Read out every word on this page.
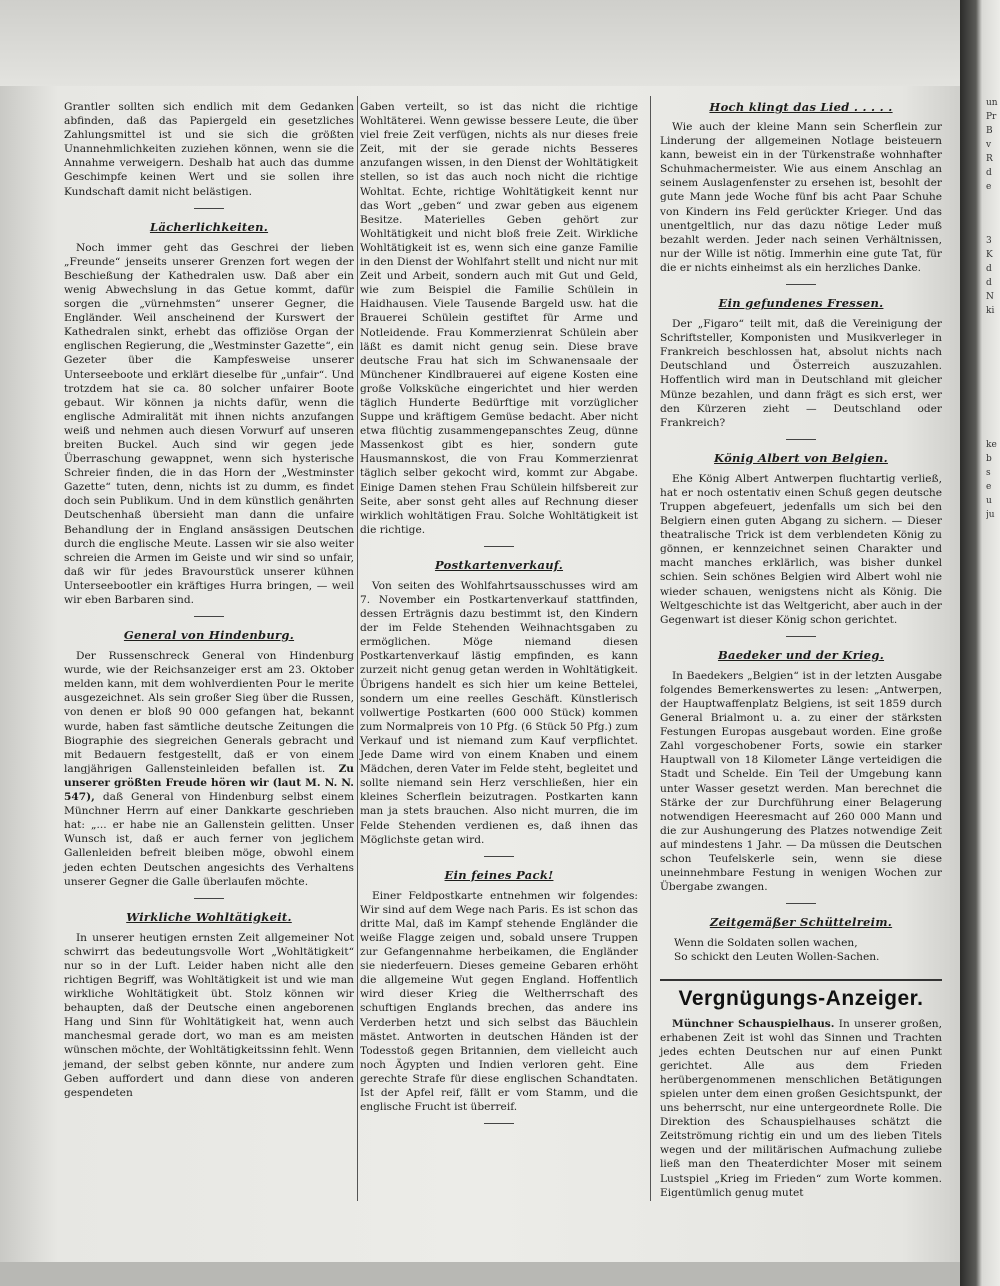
Grantler sollten sich endlich mit dem Gedanken abfinden, daß das Papiergeld ein gesetzliches Zahlungsmittel ist und sie sich die größten Unannehmlichkeiten zuziehen können, wenn sie die Annahme verweigern. Deshalb hat auch das dumme Geschimpfe keinen Wert und sie sollen ihre Kundschaft damit nicht belästigen.

Lächerlichkeiten.

Noch immer geht das Geschrei der lieben „Freunde“ jenseits unserer Grenzen fort wegen der Beschießung der Kathedralen usw. Daß aber ein wenig Abwechslung in das Getue kommt, dafür sorgen die „vürnehmsten“ unserer Gegner, die Engländer. Weil anscheinend der Kurswert der Kathedralen sinkt, erhebt das offiziöse Organ der englischen Regierung, die „Westminster Gazette“, ein Gezeter über die Kampfesweise unserer Unterseeboote und erklärt dieselbe für „unfair“. Und trotzdem hat sie ca. 80 solcher unfairer Boote gebaut. Wir können ja nichts dafür, wenn die englische Admiralität mit ihnen nichts anzufangen weiß und nehmen auch diesen Vorwurf auf unseren breiten Buckel. Auch sind wir gegen jede Überraschung gewappnet, wenn sich hysterische Schreier finden, die in das Horn der „Westminster Gazette“ tuten, denn, nichts ist zu dumm, es findet doch sein Publikum. Und in dem künstlich genährten Deutschenhaß übersieht man dann die unfaire Behandlung der in England ansässigen Deutschen durch die englische Meute. Lassen wir sie also weiter schreien die Armen im Geiste und wir sind so unfair, daß wir für jedes Bravourstück unserer kühnen Unterseebootler ein kräftiges Hurra bringen, — weil wir eben Barbaren sind.

General von Hindenburg.

Der Russenschreck General von Hindenburg wurde, wie der Reichsanzeiger erst am 23. Oktober melden kann, mit dem wohlverdienten Pour le merite ausgezeichnet. Als sein großer Sieg über die Russen, von denen er bloß 90 000 gefangen hat, bekannt wurde, haben fast sämtliche deutsche Zeitungen die Biographie des siegreichen Generals gebracht und mit Bedauern festgestellt, daß er von einem langjährigen Gallensteinleiden befallen ist. Zu unserer größten Freude hören wir (laut M. N. N. 547), daß General von Hindenburg selbst einem Münchner Herrn auf einer Dankkarte geschrieben hat: „... er habe nie an Gallenstein gelitten. Unser Wunsch ist, daß er auch ferner von jeglichem Gallenleiden befreit bleiben möge, obwohl einem jeden echten Deutschen angesichts des Verhaltens unserer Gegner die Galle überlaufen möchte.

Wirkliche Wohltätigkeit.

In unserer heutigen ernsten Zeit allgemeiner Not schwirrt das bedeutungsvolle Wort „Wohltätigkeit“ nur so in der Luft. Leider haben nicht alle den richtigen Begriff, was Wohltätigkeit ist und wie man wirkliche Wohltätigkeit übt. Stolz können wir behaupten, daß der Deutsche einen angeborenen Hang und Sinn für Wohltätigkeit hat, wenn auch manchesmal gerade dort, wo man es am meisten wünschen möchte, der Wohltätigkeitssinn fehlt. Wenn jemand, der selbst geben könnte, nur andere zum Geben auffordert und dann diese von anderen gespendeten

Gaben verteilt, so ist das nicht die richtige Wohltäterei. Wenn gewisse bessere Leute, die über viel freie Zeit verfügen, nichts als nur dieses freie Zeit, mit der sie gerade nichts Besseres anzufangen wissen, in den Dienst der Wohltätigkeit stellen, so ist das auch noch nicht die richtige Wohltat. Echte, richtige Wohltätigkeit kennt nur das Wort „geben“ und zwar geben aus eigenem Besitze. Materielles Geben gehört zur Wohltätigkeit und nicht bloß freie Zeit. Wirkliche Wohltätigkeit ist es, wenn sich eine ganze Familie in den Dienst der Wohlfahrt stellt und nicht nur mit Zeit und Arbeit, sondern auch mit Gut und Geld, wie zum Beispiel die Familie Schülein in Haidhausen. Viele Tausende Bargeld usw. hat die Brauerei Schülein gestiftet für Arme und Notleidende. Frau Kommerzienrat Schülein aber läßt es damit nicht genug sein. Diese brave deutsche Frau hat sich im Schwanensaale der Münchener Kindlbrauerei auf eigene Kosten eine große Volksküche eingerichtet und hier werden täglich Hunderte Bedürftige mit vorzüglicher Suppe und kräftigem Gemüse bedacht. Aber nicht etwa flüchtig zusammengepanschtes Zeug, dünne Massenkost gibt es hier, sondern gute Hausmannskost, die von Frau Kommerzienrat täglich selber gekocht wird, kommt zur Abgabe. Einige Damen stehen Frau Schülein hilfsbereit zur Seite, aber sonst geht alles auf Rechnung dieser wirklich wohltätigen Frau. Solche Wohltätigkeit ist die richtige.

Postkartenverkauf.

Von seiten des Wohlfahrtsausschusses wird am 7. November ein Postkartenverkauf stattfinden, dessen Erträgnis dazu bestimmt ist, den Kindern der im Felde Stehenden Weihnachtsgaben zu ermöglichen. Möge niemand diesen Postkartenverkauf lästig empfinden, es kann zurzeit nicht genug getan werden in Wohltätigkeit. Übrigens handelt es sich hier um keine Bettelei, sondern um eine reelles Geschäft. Künstlerisch vollwertige Postkarten (600 000 Stück) kommen zum Normalpreis von 10 Pfg. (6 Stück 50 Pfg.) zum Verkauf und ist niemand zum Kauf verpflichtet. Jede Dame wird von einem Knaben und einem Mädchen, deren Vater im Felde steht, begleitet und sollte niemand sein Herz verschließen, hier ein kleines Scherflein beizutragen. Postkarten kann man ja stets brauchen. Also nicht murren, die im Felde Stehenden verdienen es, daß ihnen das Möglichste getan wird.

Ein feines Pack!

Einer Feldpostkarte entnehmen wir folgendes: Wir sind auf dem Wege nach Paris. Es ist schon das dritte Mal, daß im Kampf stehende Engländer die weiße Flagge zeigen und, sobald unsere Truppen zur Gefangennahme herbeikamen, die Engländer sie niederfeuern. Dieses gemeine Gebaren erhöht die allgemeine Wut gegen England. Hoffentlich wird dieser Krieg die Weltherrschaft des schuftigen Englands brechen, das andere ins Verderben hetzt und sich selbst das Bäuchlein mästet. Antworten in deutschen Händen ist der Todesstoß gegen Britannien, dem vielleicht auch noch Ägypten und Indien verloren geht. Eine gerechte Strafe für diese englischen Schandtaten. Ist der Apfel reif, fällt er vom Stamm, und die englische Frucht ist überreif.

Hoch klingt das Lied . . . . .

Wie auch der kleine Mann sein Scherflein zur Linderung der allgemeinen Notlage beisteuern kann, beweist ein in der Türkenstraße wohnhafter Schuhmachermeister. Wie aus einem Anschlag an seinem Auslagenfenster zu ersehen ist, besohlt der gute Mann jede Woche fünf bis acht Paar Schuhe von Kindern ins Feld gerückter Krieger. Und das unentgeltlich, nur das dazu nötige Leder muß bezahlt werden. Jeder nach seinen Verhältnissen, nur der Wille ist nötig. Immerhin eine gute Tat, für die er nichts einheimst als ein herzliches Danke.

Ein gefundenes Fressen.

Der „Figaro“ teilt mit, daß die Vereinigung der Schriftsteller, Komponisten und Musikverleger in Frankreich beschlossen hat, absolut nichts nach Deutschland und Österreich auszuzahlen. Hoffentlich wird man in Deutschland mit gleicher Münze bezahlen, und dann frägt es sich erst, wer den Kürzeren zieht — Deutschland oder Frankreich?

König Albert von Belgien.

Ehe König Albert Antwerpen fluchtartig verließ, hat er noch ostentativ einen Schuß gegen deutsche Truppen abgefeuert, jedenfalls um sich bei den Belgiern einen guten Abgang zu sichern. — Dieser theatralische Trick ist dem verblendeten König zu gönnen, er kennzeichnet seinen Charakter und macht manches erklärlich, was bisher dunkel schien. Sein schönes Belgien wird Albert wohl nie wieder schauen, wenigstens nicht als König. Die Weltgeschichte ist das Weltgericht, aber auch in der Gegenwart ist dieser König schon gerichtet.

Baedeker und der Krieg.

In Baedekers „Belgien“ ist in der letzten Ausgabe folgendes Bemerkenswertes zu lesen: „Antwerpen, der Hauptwaffenplatz Belgiens, ist seit 1859 durch General Brialmont u. a. zu einer der stärksten Festungen Europas ausgebaut worden. Eine große Zahl vorgeschobener Forts, sowie ein starker Hauptwall von 18 Kilometer Länge verteidigen die Stadt und Schelde. Ein Teil der Umgebung kann unter Wasser gesetzt werden. Man berechnet die Stärke der zur Durchführung einer Belagerung notwendigen Heeresmacht auf 260 000 Mann und die zur Aushungerung des Platzes notwendige Zeit auf mindestens 1 Jahr. — Da müssen die Deutschen schon Teufelskerle sein, wenn sie diese uneinnehmbare Festung in wenigen Wochen zur Übergabe zwangen.

Zeitgemäßer Schüttelreim.

Wenn die Soldaten sollen wachen,

So schickt den Leuten Wollen-Sachen.

Vergnügungs-Anzeiger.

Münchner Schauspielhaus. In unserer großen, erhabenen Zeit ist wohl das Sinnen und Trachten jedes echten Deutschen nur auf einen Punkt gerichtet. Alle aus dem Frieden herübergenommenen menschlichen Betätigungen spielen unter dem einen großen Gesichtspunkt, der uns beherrscht, nur eine untergeordnete Rolle. Die Direktion des Schauspielhauses schätzt die Zeitströmung richtig ein und um des lieben Titels wegen und der militärischen Aufmachung zuliebe ließ man den Theaterdichter Moser mit seinem Lustspiel „Krieg im Frieden“ zum Worte kommen. Eigentümlich genug mutet

un
Pr
B
v
R
d
e
3
K
d
d
N
ki
ke
b
s
e
u
ju
